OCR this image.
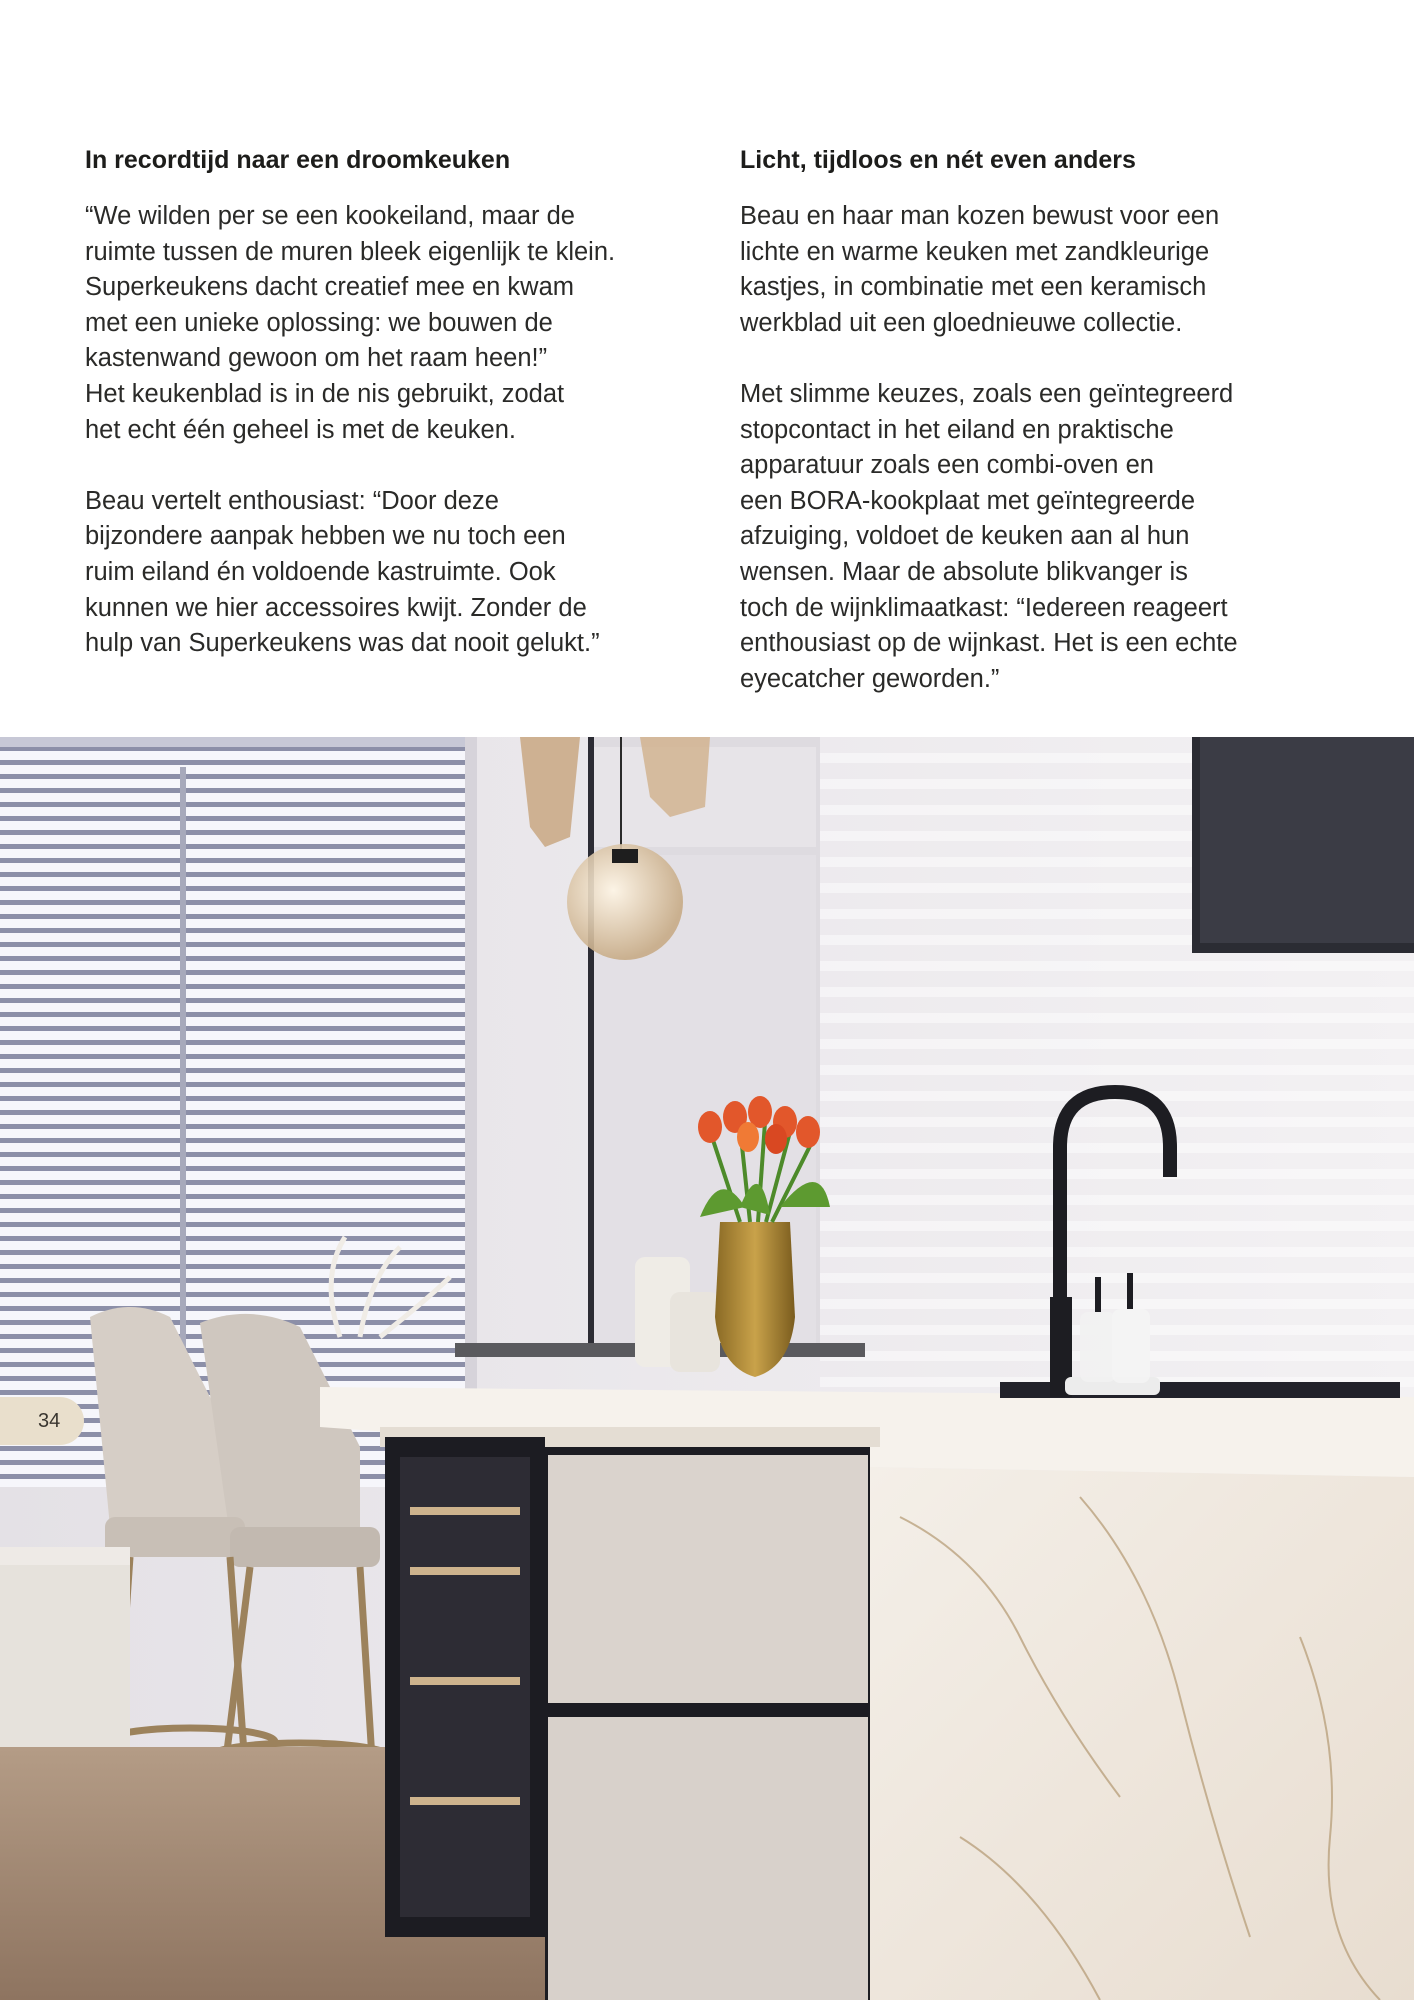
In recordtijd naar een droomkeuken

“We wilden per se een kookeiland, maar de
ruimte tussen de muren bleek eigenlijk te klein.
Superkeukens dacht creatief mee en kwam
met een unieke oplossing: we bouwen de
kastenwand gewoon om het raam heen!”
Het keukenblad is in de nis gebruikt, zodat
het echt één geheel is met de keuken.

Beau vertelt enthousiast: “Door deze
bijzondere aanpak hebben we nu toch een
ruim eiland én voldoende kastruimte. Ook
kunnen we hier accessoires kwijt. Zonder de
hulp van Superkeukens was dat nooit gelukt.”

Licht, tijdloos en nét even anders

Beau en haar man kozen bewust voor een
lichte en warme keuken met zandkleurige
kastjes, in combinatie met een keramisch
werkblad uit een gloednieuwe collectie.

Met slimme keuzes, zoals een geïntegreerd
stopcontact in het eiland en praktische
apparatuur zoals een combi-oven en
een BORA-kookplaat met geïntegreerde
afzuiging, voldoet de keuken aan al hun
wensen. Maar de absolute blikvanger is
toch de wijnklimaatkast: “Iedereen reageert
enthousiast op de wijnkast. Het is een echte
eyecatcher geworden.”

34
